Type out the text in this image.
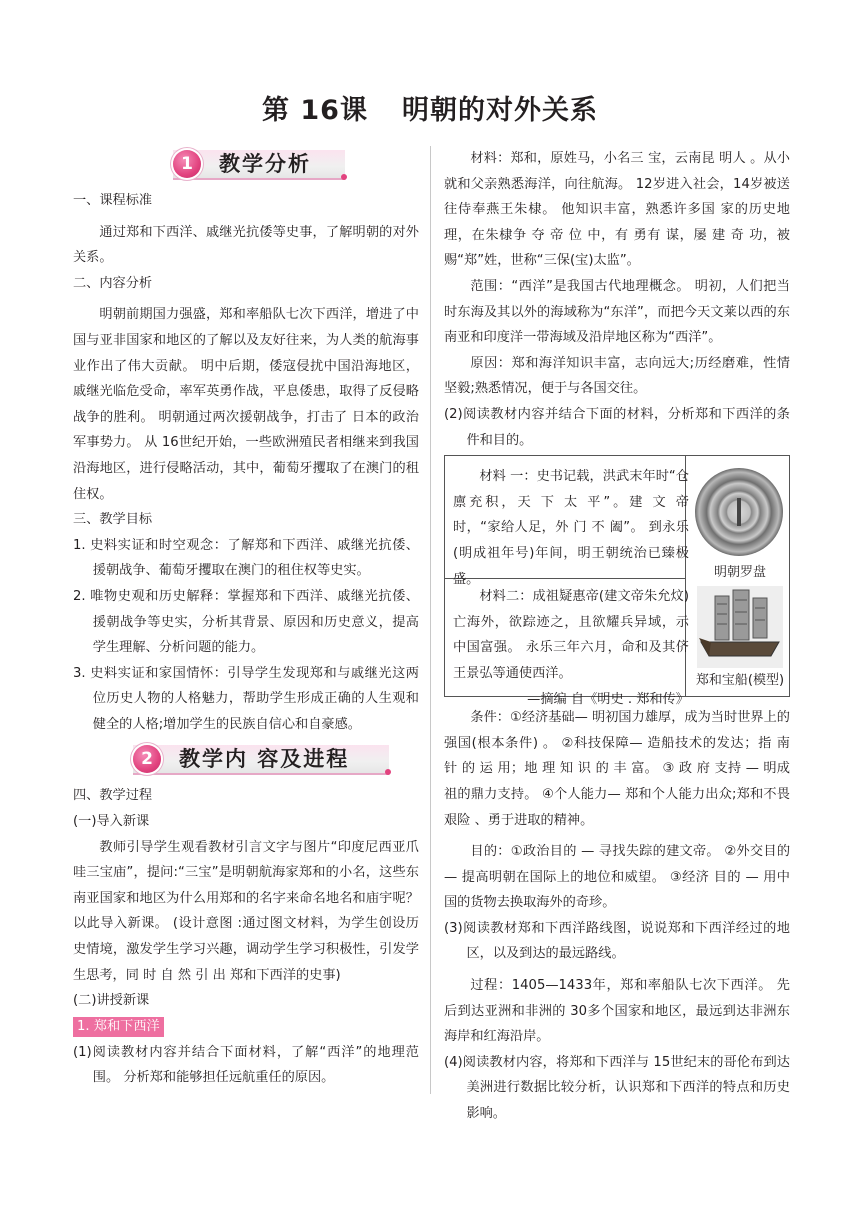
第 16课 明朝的对外关系
1	教学分析

一、课程标准

通过郑和下西洋、戚继光抗倭等史事，了解明朝的对外关系。

二、内容分析

明朝前期国力强盛，郑和率船队七次下西洋，增进了中国与亚非国家和地区的了解以及友好往来，为人类的航海事业作出了伟大贡献。 明中后期，倭寇侵扰中国沿海地区，戚继光临危受命，率军英勇作战，平息倭患，取得了反侵略战争的胜利。 明朝通过两次援朝战争，打击了 日本的政治军事势力。 从 16世纪开始，一些欧洲殖民者相继来到我国沿海地区，进行侵略活动，其中，葡萄牙攫取了在澳门的租住权。

三、教学目标

1. 史料实证和时空观念：了解郑和下西洋、戚继光抗倭、援朝战争、葡萄牙攫取在澳门的租住权等史实。

2. 唯物史观和历史解释：掌握郑和下西洋、戚继光抗倭、援朝战争等史实，分析其背景、原因和历史意义，提高学生理解、分析问题的能力。

3. 史料实证和家国情怀：引导学生发现郑和与戚继光这两位历史人物的人格魅力，帮助学生形成正确的人生观和健全的人格;增加学生的民族自信心和自豪感。

2	教学内 容及进程

四、教学过程

(一)导入新课

教师引导学生观看教材引言文字与图片“印度尼西亚爪哇三宝庙”，提问:“三宝”是明朝航海家郑和的小名，这些东南亚国家和地区为什么用郑和的名字来命名地名和庙宇呢？ 以此导入新课。 (设计意图 :通过图文材料，为学生创设历史情境，激发学生学习兴趣，调动学生学习积极性，引发学生思考，同 时 自 然 引 出 郑和下西洋的史事)

(二)讲授新课

1. 郑和下西洋

(1)阅读教材内容并结合下面材料，了解“西洋”的地理范围。 分析郑和能够担任远航重任的原因。

材料：郑和，原姓马，小名三 宝，云南昆 明人 。从小就和父亲熟悉海洋，向往航海。 12岁进入社会，14岁被送往侍奉燕王朱棣。 他知识丰富，熟悉许多国 家的历史地理，在朱棣争 夺 帝 位 中，有 勇有 谋，屡 建 奇 功，被 赐“郑”姓，世称“三保(宝)太监”。

范围：“西洋”是我国古代地理概念。 明初，人们把当时东海及其以外的海域称为“东洋”，而把今天文莱以西的东南亚和印度洋一带海域及沿岸地区称为“西洋”。

原因：郑和海洋知识丰富，志向远大;历经磨难，性情坚毅;熟悉情况，便于与各国交往。

(2)阅读教材内容并结合下面的材料，分析郑和下西洋的条件和目的。

材料 一：史书记载，洪武末年时“仓廪充积，天 下 太 平”。建 文 帝 时，“家给人足，外 门 不 阖”。 到永乐(明成祖年号)年间，明王朝统治已臻极盛。

材料二：成祖疑惠帝(建文帝朱允炆)亡海外，欲踪迹之，且欲耀兵异域，示中国富强。 永乐三年六月，命和及其侪王景弘等通使西洋。

—摘编 自《明史 . 郑和传》
明朝罗盘
郑和宝船(模型)

条件：①经济基础— 明初国力雄厚，成为当时世界上的强国(根本条件) 。 ②科技保障— 造船技术的发达；指 南 针 的 运 用；地 理 知 识 的 丰 富。 ③ 政 府 支持 — 明成祖的鼎力支持。 ④个人能力— 郑和个人能力出众;郑和不畏艰险 、勇于进取的精神。

目的：①政治目的 — 寻找失踪的建文帝。 ②外交目的 — 提高明朝在国际上的地位和威望。 ③经济 目的 — 用中国的货物去换取海外的奇珍。

(3)阅读教材郑和下西洋路线图，说说郑和下西洋经过的地区，以及到达的最远路线。

过程：1405—1433年，郑和率船队七次下西洋。 先后到达亚洲和非洲的 30多个国家和地区，最远到达非洲东海岸和红海沿岸。

(4)阅读教材内容，将郑和下西洋与 15世纪末的哥伦布到达美洲进行数据比较分析，认识郑和下西洋的特点和历史影响。
